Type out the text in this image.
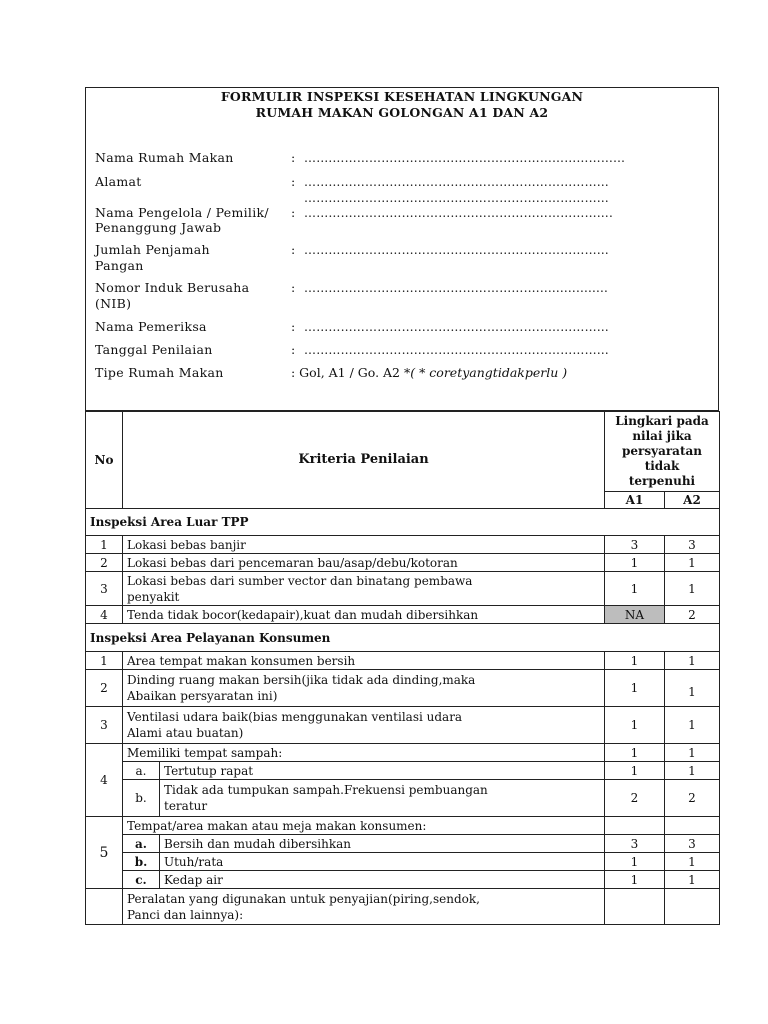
FORMULIR INSPEKSI KESEHATAN LINGKUNGAN
RUMAH MAKAN GOLONGAN A1 DAN A2
Nama Rumah Makan	: …….………………………………………………………………
Alamat	: …………………………………………………………………
…………………………………………………………………
Nama Pengelola / Pemilik/
Penanggung Jawab
: ………………………………………………………………….
Jumlah Penjamah
Pangan
: …………………………………………………………………
Nomor Induk Berusaha
(NIB)
: …………………………………………………..................
Nama Pemeriksa	: …………………………………………………………………
Tanggal Penilaian	: …………………………………………………………………
Tipe Rumah Makan	: Gol, A1 / Go. A2 *( * coretyangtidakperlu )
No	Kriteria Penilaian		Lingkari pada
nilai jika
persyaratan
tidak
terpenuhi	

			A1	A2
Inspeksi Area Luar TPP				
1	Lokasi bebas banjir		3	3
2	Lokasi bebas dari pencemaran bau/asap/debu/kotoran		1	1
3	Lokasi bebas dari sumber vector dan binatang pembawa
penyakit		1	1
4	Tenda tidak bocor(kedapair),kuat dan mudah dibersihkan		NA	2
Inspeksi Area Pelayanan Konsumen				
1	Area tempat makan konsumen bersih		1	1
2	Dinding ruang makan bersih(jika tidak ada dinding,maka
Abaikan persyaratan ini)		1	1
3	Ventilasi udara baik(bias menggunakan ventilasi udara
Alami atau buatan)		1	1
4	Memiliki tempat sampah:		1	1
	a.	Tertutup rapat	1	1
	b.	Tidak ada tumpukan sampah.Frekuensi pembuangan
teratur	2	2
5	Tempat/area makan atau meja makan konsumen:			
	a.	Bersih dan mudah dibersihkan	3	3
	b.	Utuh/rata	1	1
	c.	Kedap air	1	1

	Peralatan yang digunakan untuk penyajian(piring,sendok,
Panci dan lainnya):			
